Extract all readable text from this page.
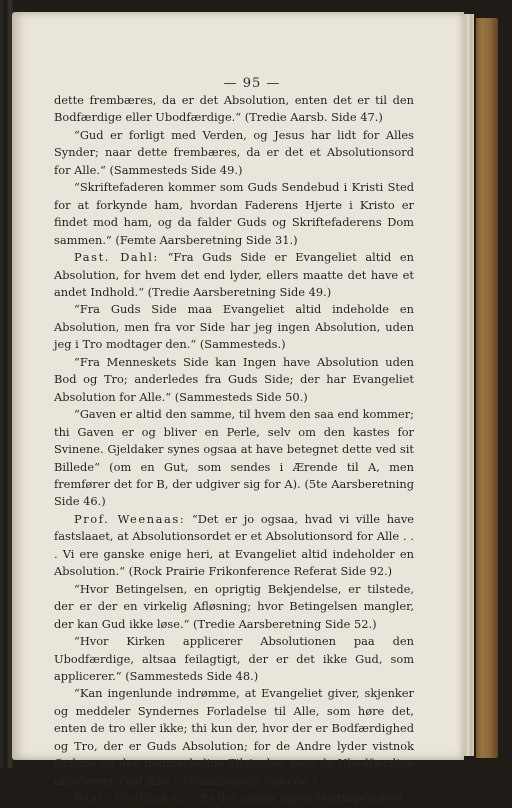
— 95 —

dette frembæres, da er det Absolution, enten det er til den Bodfærdige eller Ubodfærdige.“ (Tredie Aarsb. Side 47.)

“Gud er forligt med Verden, og Jesus har lidt for Alles Synder; naar dette frembæres, da er det et Absolutionsord for Alle.“ (Sammesteds Side 49.)

“Skriftefaderen kommer som Guds Sendebud i Kristi Sted for at forkynde ham, hvordan Faderens Hjerte i Kristo er findet mod ham, og da falder Guds og Skriftefaderens Dom sammen.“ (Femte Aarsberetning Side 31.)

Past. Dahl: “Fra Guds Side er Evangeliet altid en Absolution, for hvem det end lyder, ellers maatte det have et andet Indhold.“ (Tredie Aarsberetning Side 49.)

“Fra Guds Side maa Evangeliet altid indeholde en Absolution, men fra vor Side har jeg ingen Absolution, uden jeg i Tro modtager den.“ (Sammesteds.)

“Fra Menneskets Side kan Ingen have Absolution uden Bod og Tro; anderledes fra Guds Side; der har Evangeliet Absolution for Alle.“ (Sammesteds Side 50.)

“Gaven er altid den samme, til hvem den saa end kommer; thi Gaven er og bliver en Perle, selv om den kastes for Svinene. Gjeldaker synes ogsaa at have betegnet dette ved sit Billede“ (om en Gut, som sendes i Ærende til A, men fremfører det for B, der udgiver sig for A). (5te Aarsberetning Side 46.)

Prof. Weenaas: “Det er jo ogsaa, hvad vi ville have fastslaaet, at Absolutionsordet er et Absolutionsord for Alle . . . Vi ere ganske enige heri, at Evangeliet altid indeholder en Absolution.“ (Rock Prairie Frikonference Referat Side 92.)

“Hvor Betingelsen, en oprigtig Bekjendelse, er tilstede, der er der en virkelig Afløsning; hvor Betingelsen mangler, der kan Gud ikke løse.“ (Tredie Aarsberetning Side 52.)

“Hvor Kirken applicerer Absolutionen paa den Ubodfærdige, altsaa feilagtigt, der er det ikke Gud, som applicerer.“ (Sammesteds Side 48.)

“Kan ingenlunde indrømme, at Evangeliet giver, skjenker og meddeler Syndernes Forladelse til Alle, som høre det, enten de tro eller ikke; thi kun der, hvor der er Bodfærdighed og Tro, der er Guds Absolution; for de Andre lyder vistnok Ordene og den menneskelige Tilsigelse, men de Ubodfærdige absolverer Gud ikke.“ (Sammesteds Side 66.)

Past. Gjeldaker: “Er der altsaa ingen Modtagelighed
